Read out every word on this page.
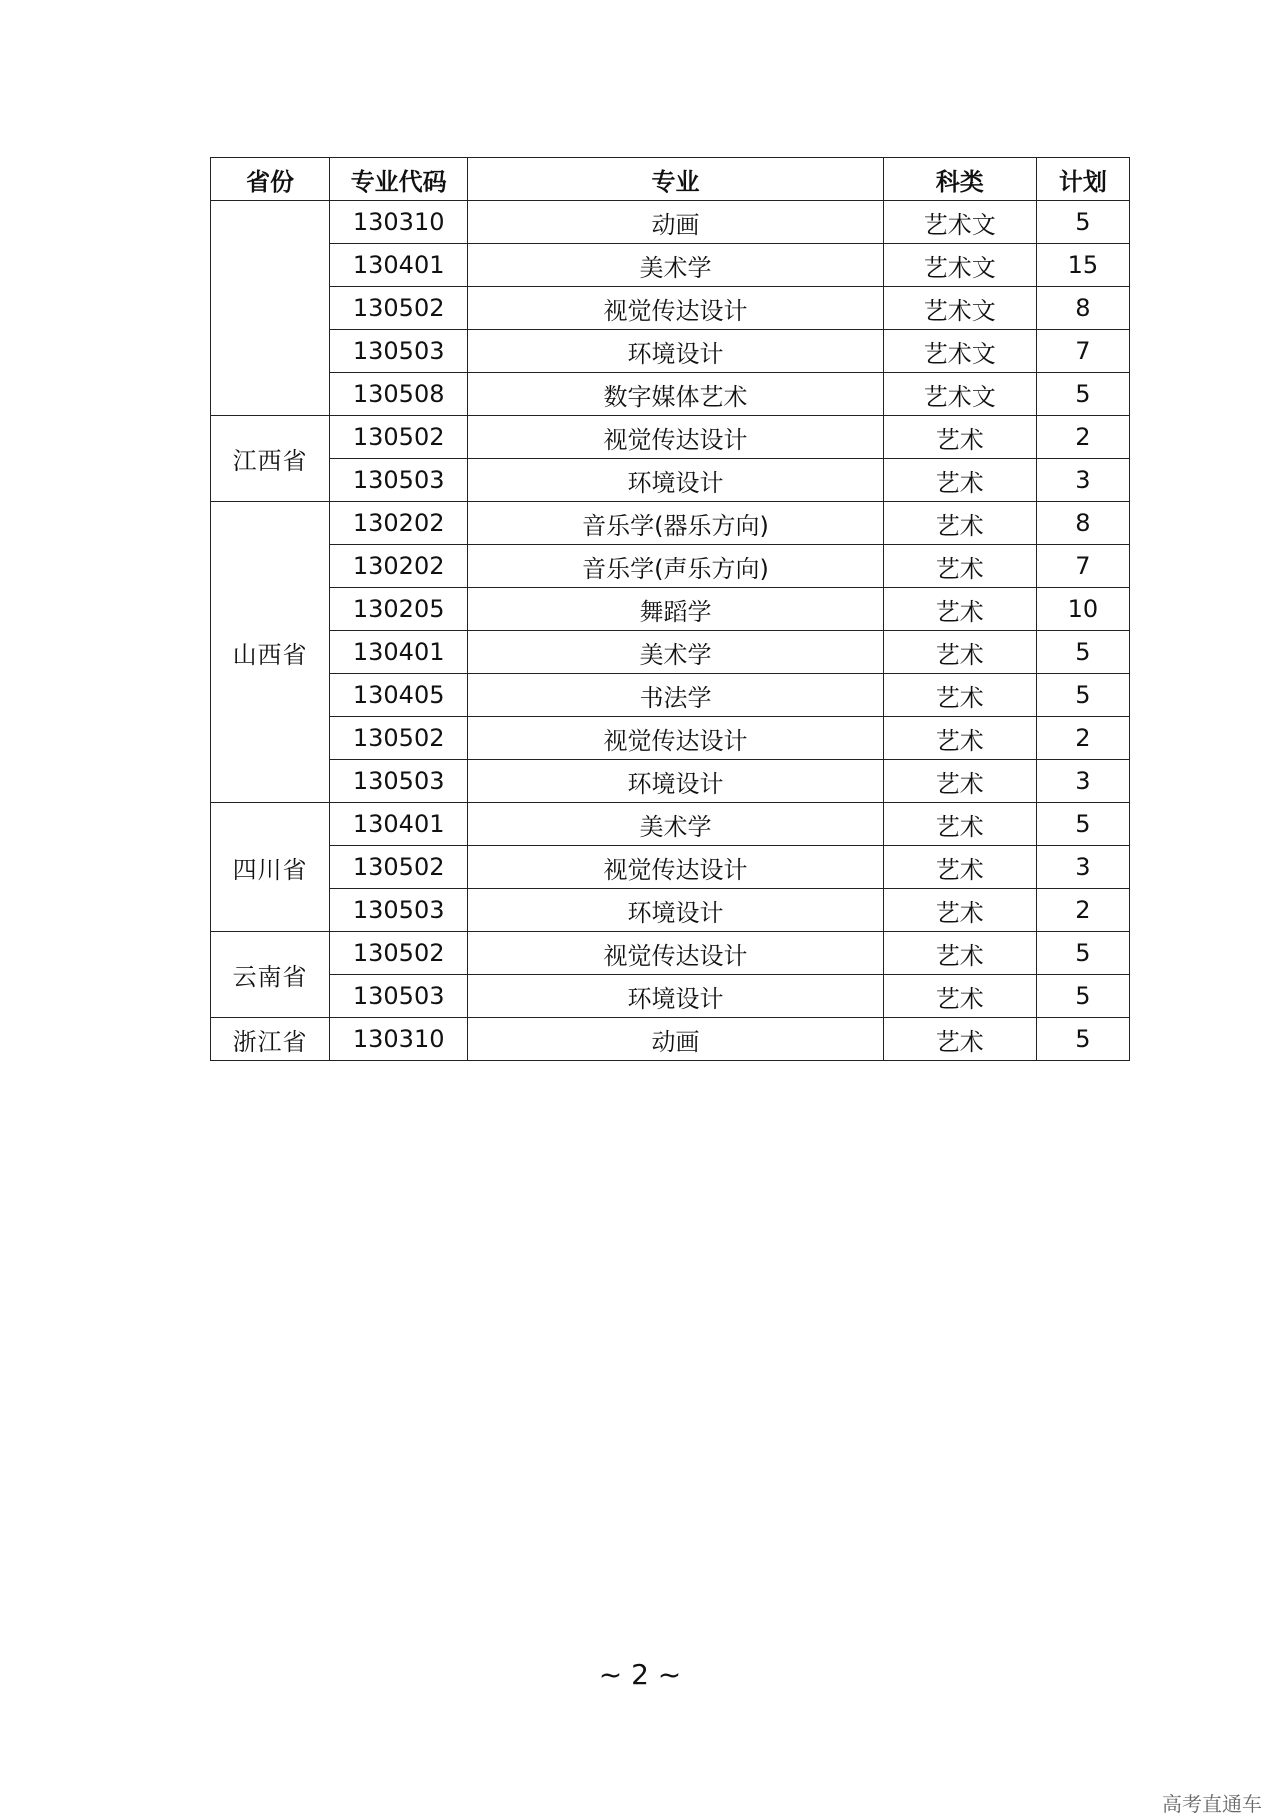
省份	专业代码	专业	科类	计划
	130310	动画	艺术文	5
	130401	美术学	艺术文	15
	130502	视觉传达设计	艺术文	8
	130503	环境设计	艺术文	7
	130508	数字媒体艺术	艺术文	5
江西省	130502	视觉传达设计	艺术	2
	130503	环境设计	艺术	3
山西省	130202	音乐学(器乐方向)	艺术	8
	130202	音乐学(声乐方向)	艺术	7
	130205	舞蹈学	艺术	10
	130401	美术学	艺术	5
	130405	书法学	艺术	5
	130502	视觉传达设计	艺术	2
	130503	环境设计	艺术	3
四川省	130401	美术学	艺术	5
	130502	视觉传达设计	艺术	3
	130503	环境设计	艺术	2
云南省	130502	视觉传达设计	艺术	5
	130503	环境设计	艺术	5
浙江省	130310	动画	艺术	5
~ 2 ~
高考直通车
